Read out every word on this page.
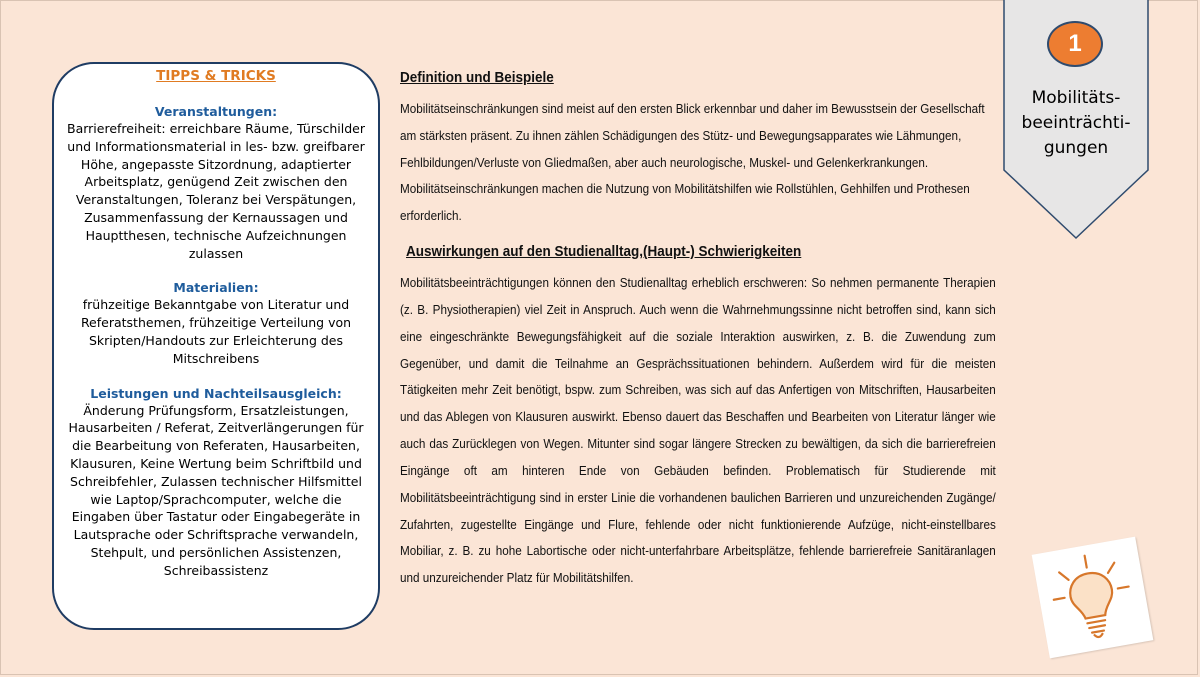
TIPPS & TRICKS
Veranstaltungen:
Barrierefreiheit: erreichbare Räume, Türschilder und Informationsmaterial in les- bzw. greifbarer Höhe, angepasste Sitzordnung, adaptierter Arbeitsplatz, genügend Zeit zwischen den Veranstaltungen, Toleranz bei Verspätungen, Zusammenfassung der Kernaussagen und Hauptthesen, technische Aufzeichnungen zulassen
Materialien:
frühzeitige Bekanntgabe von Literatur und Referatsthemen, frühzeitige Verteilung von Skripten/Handouts zur Erleichterung des Mitschreibens
Leistungen und Nachteilsausgleich:
Änderung Prüfungsform, Ersatzleistungen, Hausarbeiten / Referat, Zeitverlängerungen für die Bearbeitung von Referaten, Hausarbeiten, Klausuren, Keine Wertung beim Schriftbild und Schreibfehler, Zulassen technischer Hilfsmittel wie Laptop/Sprachcomputer, welche die Eingaben über Tastatur oder Eingabegeräte in Lautsprache oder Schriftsprache verwandeln, Stehpult, und persönlichen Assistenzen, Schreibassistenz
Definition und Beispiele
Mobilitätseinschränkungen sind meist auf den ersten Blick erkennbar und daher im Bewusstsein der Gesellschaft am stärksten präsent. Zu ihnen zählen Schädigungen des Stütz- und Bewegungsapparates wie Lähmungen, Fehlbildungen/Verluste von Gliedmaßen, aber auch neurologische, Muskel- und Gelenkerkrankungen. Mobilitätseinschränkungen machen die Nutzung von Mobilitätshilfen wie Rollstühlen, Gehhilfen und Prothesen erforderlich.
Auswirkungen auf den Studienalltag,(Haupt-) Schwierigkeiten
Mobilitätsbeeinträchtigungen können den Studienalltag erheblich erschweren: So nehmen permanente Therapien (z. B. Physiotherapien) viel Zeit in Anspruch. Auch wenn die Wahrnehmungssinne nicht betroffen sind, kann sich eine eingeschränkte Bewegungsfähigkeit auf die soziale Interaktion auswirken, z. B. die Zuwendung zum Gegenüber, und damit die Teilnahme an Gesprächssituationen behindern. Außerdem wird für die meisten Tätigkeiten mehr Zeit benötigt, bspw. zum Schreiben, was sich auf das Anfertigen von Mitschriften, Hausarbeiten und das Ablegen von Klausuren auswirkt. Ebenso dauert das Beschaffen und Bearbeiten von Literatur länger wie auch das Zurücklegen von Wegen. Mitunter sind sogar längere Strecken zu bewältigen, da sich die barrierefreien Eingänge oft am hinteren Ende von Gebäuden befinden. Problematisch für Studierende mit Mobilitätsbeeinträchtigung sind in erster Linie die vorhandenen baulichen Barrieren und unzureichenden Zugänge/ Zufahrten, zugestellte Eingänge und Flure, fehlende oder nicht funktionierende Aufzüge, nicht-einstellbares Mobiliar, z. B. zu hohe Labortische oder nicht-unterfahrbare Arbeitsplätze, fehlende barrierefreie Sanitäranlagen und unzureichender Platz für Mobilitätshilfen.
1
Mobilitäts-
beeinträchti-
gungen
